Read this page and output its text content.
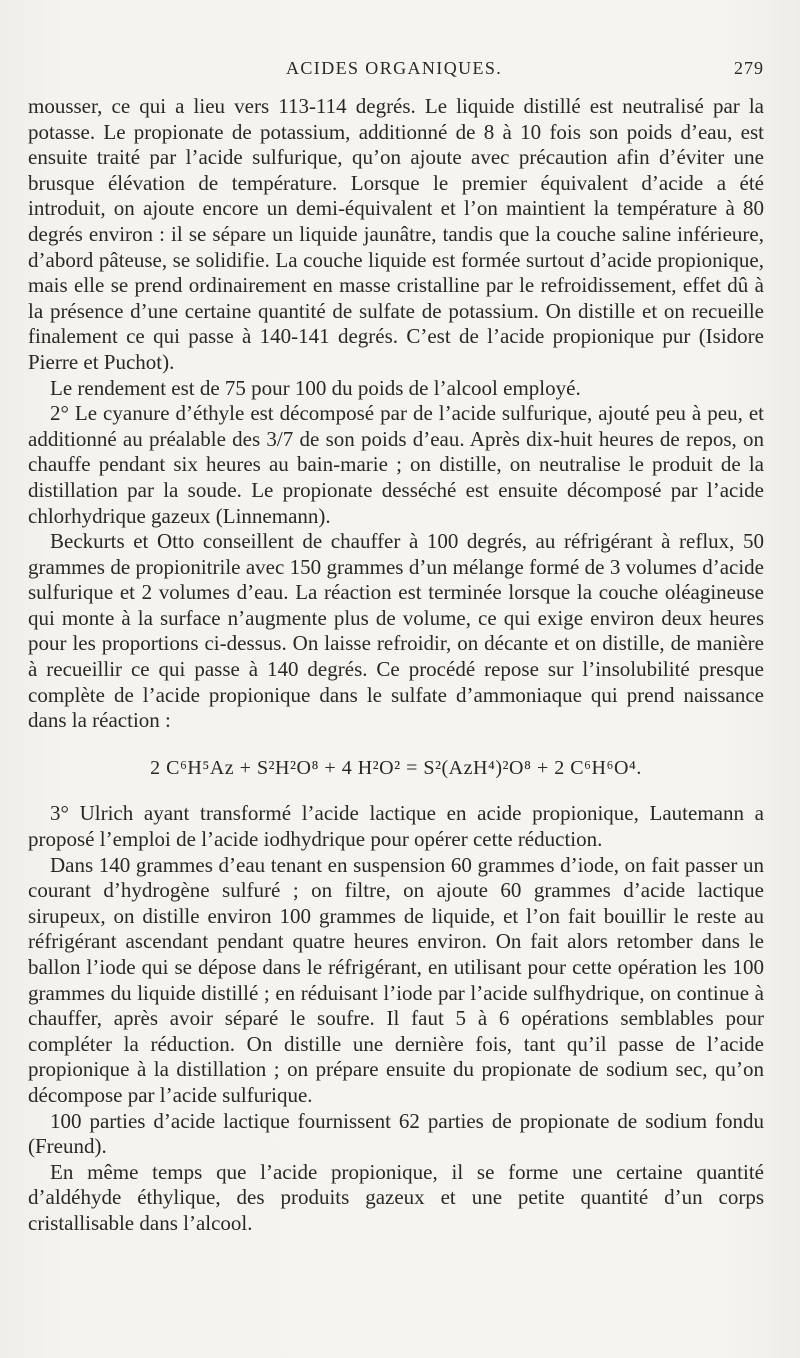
ACIDES ORGANIQUES.	279

mousser, ce qui a lieu vers 113-114 degrés. Le liquide distillé est neutralisé par la potasse. Le propionate de potassium, additionné de 8 à 10 fois son poids d’eau, est ensuite traité par l’acide sulfurique, qu’on ajoute avec précaution afin d’éviter une brusque élévation de température. Lorsque le premier équivalent d’acide a été introduit, on ajoute encore un demi-équivalent et l’on maintient la température à 80 degrés environ : il se sépare un liquide jaunâtre, tandis que la couche saline inférieure, d’abord pâteuse, se solidifie. La couche liquide est formée surtout d’acide propionique, mais elle se prend ordinairement en masse cristalline par le refroidissement, effet dû à la présence d’une certaine quantité de sulfate de potassium. On distille et on recueille finalement ce qui passe à 140-141 degrés. C’est de l’acide propionique pur (Isidore Pierre et Puchot).

Le rendement est de 75 pour 100 du poids de l’alcool employé.

2° Le cyanure d’éthyle est décomposé par de l’acide sulfurique, ajouté peu à peu, et additionné au préalable des 3/7 de son poids d’eau. Après dix-huit heures de repos, on chauffe pendant six heures au bain-marie ; on distille, on neutralise le produit de la distillation par la soude. Le propionate desséché est ensuite décomposé par l’acide chlorhydrique gazeux (Linnemann).

Beckurts et Otto conseillent de chauffer à 100 degrés, au réfrigérant à reflux, 50 grammes de propionitrile avec 150 grammes d’un mélange formé de 3 volumes d’acide sulfurique et 2 volumes d’eau. La réaction est terminée lorsque la couche oléagineuse qui monte à la surface n’augmente plus de volume, ce qui exige environ deux heures pour les proportions ci-dessus. On laisse refroidir, on décante et on distille, de manière à recueillir ce qui passe à 140 degrés. Ce procédé repose sur l’insolubilité presque complète de l’acide propionique dans le sulfate d’ammoniaque qui prend naissance dans la réaction :

2 C⁶H⁵Az + S²H²O⁸ + 4 H²O² = S²(AzH⁴)²O⁸ + 2 C⁶H⁶O⁴.

3° Ulrich ayant transformé l’acide lactique en acide propionique, Lautemann a proposé l’emploi de l’acide iodhydrique pour opérer cette réduction.

Dans 140 grammes d’eau tenant en suspension 60 grammes d’iode, on fait passer un courant d’hydrogène sulfuré ; on filtre, on ajoute 60 grammes d’acide lactique sirupeux, on distille environ 100 grammes de liquide, et l’on fait bouillir le reste au réfrigérant ascendant pendant quatre heures environ. On fait alors retomber dans le ballon l’iode qui se dépose dans le réfrigérant, en utilisant pour cette opération les 100 grammes du liquide distillé ; en réduisant l’iode par l’acide sulfhydrique, on continue à chauffer, après avoir séparé le soufre. Il faut 5 à 6 opérations semblables pour compléter la réduction. On distille une dernière fois, tant qu’il passe de l’acide propionique à la distillation ; on prépare ensuite du propionate de sodium sec, qu’on décompose par l’acide sulfurique.

100 parties d’acide lactique fournissent 62 parties de propionate de sodium fondu (Freund).

En même temps que l’acide propionique, il se forme une certaine quantité d’aldéhyde éthylique, des produits gazeux et une petite quantité d’un corps cristallisable dans l’alcool.
